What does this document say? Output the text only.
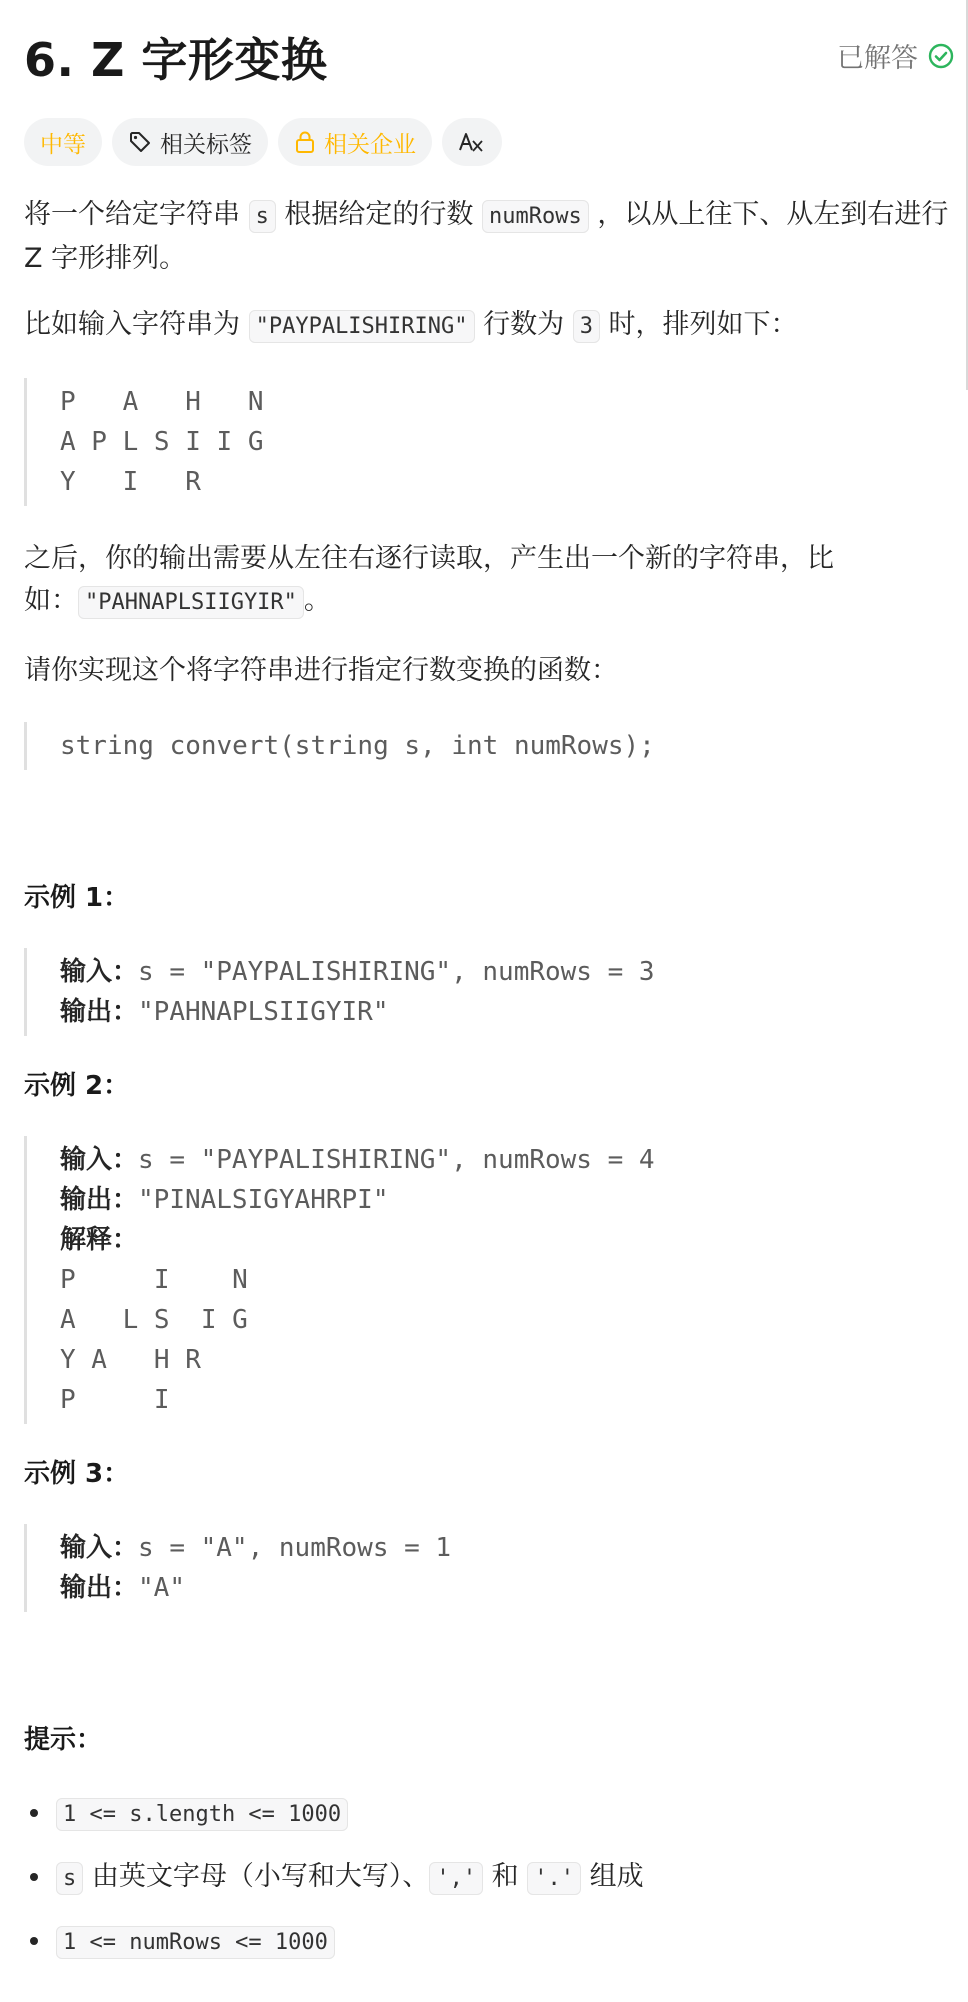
6. Z 字形变换	已解答
中等	相关标签	相关企业

将一个给定字符串 s 根据给定的行数 numRows ，以从上往下、从左到右进行 Z 字形排列。

比如输入字符串为 "PAYPALISHIRING" 行数为 3 时，排列如下：

P   A   H   N
A P L S I I G
Y   I   R

之后，你的输出需要从左往右逐行读取，产生出一个新的字符串，比如： "PAHNAPLSIIGYIR" 。

请你实现这个将字符串进行指定行数变换的函数：

string convert(string s, int numRows);

示例 1：

输入：s = "PAYPALISHIRING", numRows = 3
输出："PAHNAPLSIIGYIR"

示例 2：

输入：s = "PAYPALISHIRING", numRows = 4
输出："PINALSIGYAHRPI"
解释：
P     I    N
A   L S  I G
Y A   H R
P     I

示例 3：

输入：s = "A", numRows = 1
输出："A"

提示：

1 <= s.length <= 1000
s 由英文字母（小写和大写）、 ',' 和 '.' 组成
1 <= numRows <= 1000
